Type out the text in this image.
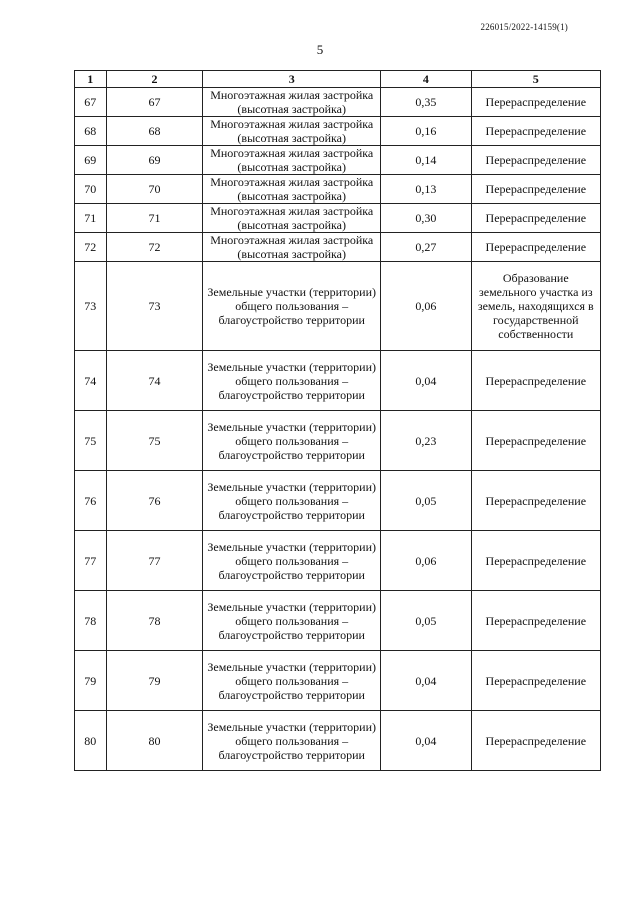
226015/2022-14159(1)
5
1	2	3	4	5
67	67	Многоэтажная жилая застройка (высотная застройка)	0,35	Перераспределение
68	68	Многоэтажная жилая застройка (высотная застройка)	0,16	Перераспределение
69	69	Многоэтажная жилая застройка (высотная застройка)	0,14	Перераспределение
70	70	Многоэтажная жилая застройка (высотная застройка)	0,13	Перераспределение
71	71	Многоэтажная жилая застройка (высотная застройка)	0,30	Перераспределение
72	72	Многоэтажная жилая застройка (высотная застройка)	0,27	Перераспределение
73	73	Земельные участки (территории) общего пользования – благоустройство территории	0,06	Образование земельного участка из земель, находящихся в государственной собственности
74	74	Земельные участки (территории) общего пользования – благоустройство территории	0,04	Перераспределение
75	75	Земельные участки (территории) общего пользования – благоустройство территории	0,23	Перераспределение
76	76	Земельные участки (территории) общего пользования – благоустройство территории	0,05	Перераспределение
77	77	Земельные участки (территории) общего пользования – благоустройство территории	0,06	Перераспределение
78	78	Земельные участки (территории) общего пользования – благоустройство территории	0,05	Перераспределение
79	79	Земельные участки (территории) общего пользования – благоустройство территории	0,04	Перераспределение
80	80	Земельные участки (территории) общего пользования – благоустройство территории	0,04	Перераспределение
